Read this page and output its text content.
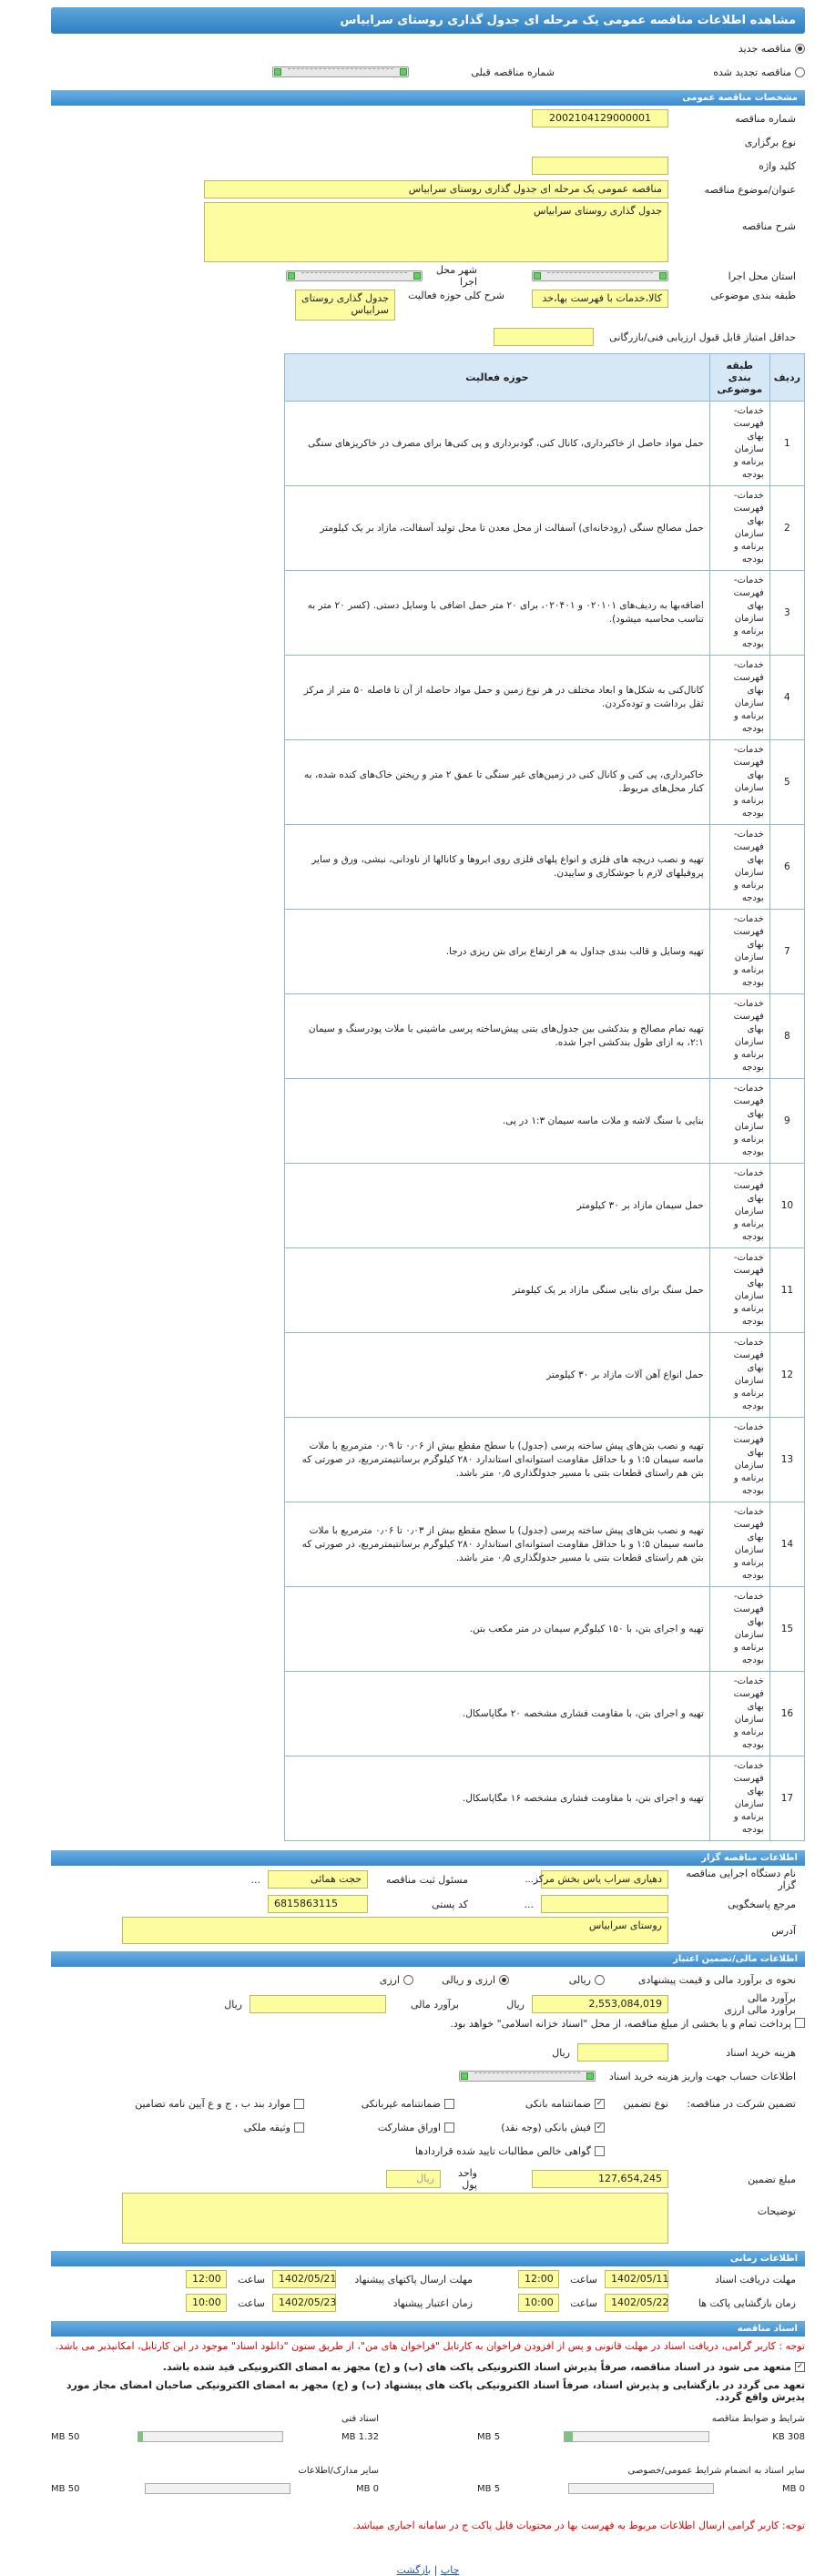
مشاهده اطلاعات مناقصه عمومی یک مرحله ای جدول گذاری روستای سرابیاس
مناقصه جدید
مناقصه تجدید شده
شماره مناقصه قبلی
مشخصات مناقصه عمومی
شماره مناقصه
2002104129000001
نوع برگزاری
کلید واژه
عنوان/موضوع مناقصه
مناقصه عمومی یک مرحله ای جدول گذاری روستای سرابیاس
شرح مناقصه
جدول گذاری روستای سرابیاس
استان محل اجرا
شهر محل اجرا
طبقه بندی موضوعی
کالا،خدمات با فهرست بها،خد
شرح کلی حوزه فعالیت
جدول گذاری روستای سرابیاس
حداقل امتیاز قابل قبول ارزیابی فنی/بازرگانی
ردیف	طبقه بندی موضوعی	حوزه فعالیت
1	خدمات-فهرست بهای سازمان برنامه و بودجه	حمل مواد حاصل از خاکبرداری، کانال کنی، گودبرداری و پی کنی‌ها برای مصرف در خاکریزهای سنگی
2	خدمات-فهرست بهای سازمان برنامه و بودجه	حمل مصالح سنگی (رودخانه‌ای) آسفالت از محل معدن تا محل تولید آسفالت، مازاد بر یک کیلومتر
3	خدمات-فهرست بهای سازمان برنامه و بودجه	اضافه‌بها به ردیف‌های ۰۲۰۱۰۱ و ۰۲۰۴۰۱، برای ۲۰ متر حمل اضافی با وسایل دستی. (کسر ۲۰ متر به تناسب محاسبه میشود).
4	خدمات-فهرست بهای سازمان برنامه و بودجه	کانال‌کنی به شکل‌ها و ابعاد مختلف در هر نوع زمین و حمل مواد حاصله از آن تا فاصله ۵۰ متر از مرکز ثقل برداشت و توده‌کردن.
5	خدمات-فهرست بهای سازمان برنامه و بودجه	خاکبرداری، پی کنی و کانال کنی در زمین‌های غیر سنگی تا عمق ۲ متر و ریختن خاک‌های کنده شده، به کنار محل‌های مربوط.
6	خدمات-فهرست بهای سازمان برنامه و بودجه	تهیه و نصب دریچه های فلزی و انواع پلهای فلزی روی ابروها و کانالها از ناودانی، نبشی، ورق و سایر پروفیلهای لازم با جوشکاری و ساییدن.
7	خدمات-فهرست بهای سازمان برنامه و بودجه	تهیه وسایل و قالب بندی جداول به هر ارتفاع برای بتن ریزی درجا.
8	خدمات-فهرست بهای سازمان برنامه و بودجه	تهیه تمام مصالح و بندکشی بین جدول‌های بتنی پیش‌ساخته پرسی ماشینی با ملات پودرسنگ و سیمان ۲:۱، به ازای طول بندکشی اجرا شده.
9	خدمات-فهرست بهای سازمان برنامه و بودجه	بنایی با سنگ لاشه و ملات ماسه سیمان ۱:۳ در پی.
10	خدمات-فهرست بهای سازمان برنامه و بودجه	حمل سیمان مازاد بر ۳۰ کیلومتر
11	خدمات-فهرست بهای سازمان برنامه و بودجه	حمل سنگ برای بنایی سنگی مازاد بر یک کیلومتر
12	خدمات-فهرست بهای سازمان برنامه و بودجه	حمل انواع آهن آلات مازاد بر ۳۰ کیلومتر
13	خدمات-فهرست بهای سازمان برنامه و بودجه	تهیه و نصب بتن‌های پیش ساخته پرسی (جدول) با سطح مقطع بیش از ۰٫۰۶ تا ۰٫۰۹ مترمربع با ملات ماسه سیمان ۱:۵ و با حداقل مقاومت استوانه‌ای استاندارد ۲۸۰ کیلوگرم برسانتیمترمربع، در صورتی که بتن هم راستای قطعات بتنی با مسیر جدولگذاری ۰٫۵ متر باشد.
14	خدمات-فهرست بهای سازمان برنامه و بودجه	تهیه و نصب بتن‌های پیش ساخته پرسی (جدول) با سطح مقطع بیش از ۰٫۰۳ تا ۰٫۰۶ مترمربع با ملات ماسه سیمان ۱:۵ و با حداقل مقاومت استوانه‌ای استاندارد ۲۸۰ کیلوگرم برسانتیمترمربع، در صورتی که بتن هم راستای قطعات بتنی با مسیر جدولگذاری ۰٫۵ متر باشد.
15	خدمات-فهرست بهای سازمان برنامه و بودجه	تهیه و اجرای بتن، با ۱۵۰ کیلوگرم سیمان در متر مکعب بتن.
16	خدمات-فهرست بهای سازمان برنامه و بودجه	تهیه و اجرای بتن، با مقاومت فشاری مشخصه ۲۰ مگاپاسکال.
17	خدمات-فهرست بهای سازمان برنامه و بودجه	تهیه و اجرای بتن، با مقاومت فشاری مشخصه ۱۶ مگاپاسکال.
اطلاعات مناقصه گزار
نام دستگاه اجرایی مناقصه گزار
دهیاری سراب یاس بخش مرکز
...
مسئول ثبت مناقصه
حجت همائی
...
مرجع پاسخگویی
...
کد پستی
6815863115
آدرس
روستای سرابیاس
اطلاعات مالی/تضمین اعتبار
نحوه ی برآورد مالی و قیمت پیشنهادی
ریالی
ارزی و ریالی
ارزی
برآورد مالی
برآورد مالی ارزی
2,553,084,019
ریال
برآورد مالی
ریال
پرداخت تمام و یا بخشی از مبلغ مناقصه، از محل "اسناد خزانه اسلامی" خواهد بود.
هزینه خرید اسناد
ریال
اطلاعات حساب جهت واریز هزینه خرید اسناد
تضمین شرکت در مناقصه:
نوع تضمین
✓
ضمانتنامه بانکی
ضمانتنامه غیربانکی
موارد بند ب ، ج و ع آیین نامه تضامین
✓
فیش بانکی (وجه نقد)
اوراق مشارکت
وثیقه ملکی
گواهی خالص مطالبات تایید شده قراردادها
مبلغ تضمین
127,654,245
واحد پول
ریال
توضیحات
اطلاعات زمانی
مهلت دریافت اسناد
1402/05/11
ساعت
12:00
مهلت ارسال پاکتهای پیشنهاد
1402/05/21
ساعت
12:00
زمان بازگشایی پاکت ها
1402/05/22
ساعت
10:00
زمان اعتبار پیشنهاد
1402/05/23
ساعت
10:00
اسناد مناقصه
توجه : کاربر گرامی، دریافت اسناد در مهلت قانونی و پس از افزودن فراخوان به کارتابل "فراخوان های من"، از طریق ستون "دانلود اسناد" موجود در این کارتابل، امکانپذیر می باشد.
✓
متعهد می شود در اسناد مناقصه، صرفاً پذیرش اسناد الکترونیکی پاکت های (ب) و (ج) مجهز به امضای الکترونیکی قید شده باشد.
تعهد می گردد در بازگشایی و پذیرش اسناد، صرفاً اسناد الکترونیکی پاکت های پیشنهاد (ب) و (ج) مجهز به امضای الکترونیکی صاحبان امضای مجاز مورد پذیرش واقع گردد.
شرایط و ضوابط مناقصه
308 KB
5 MB
اسناد فنی
1.32 MB
50 MB
سایر اسناد به انضمام شرایط عمومی/خصوصی
0 MB
5 MB
سایر مدارک/اطلاعات
0 MB
50 MB
توجه: کاربر گرامی ارسال اطلاعات مربوط به فهرست بها در محتویات فایل پاکت ج در سامانه اجباری میباشد.
چاپ | بازگشت
